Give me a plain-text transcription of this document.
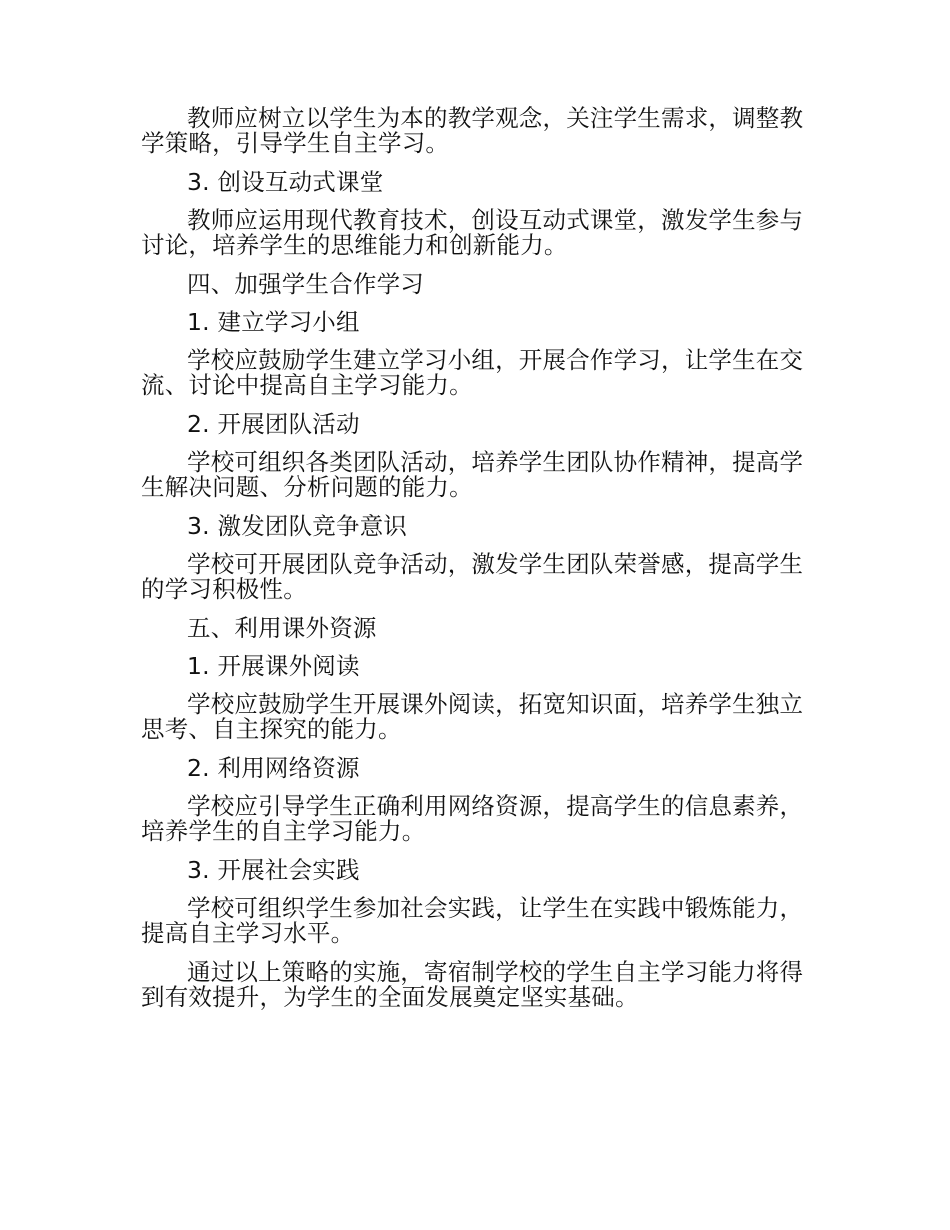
教师应树立以学生为本的教学观念，关注学生需求，调整教学策略，引导学生自主学习。

3. 创设互动式课堂

教师应运用现代教育技术，创设互动式课堂，激发学生参与讨论，培养学生的思维能力和创新能力。

四、加强学生合作学习

1. 建立学习小组

学校应鼓励学生建立学习小组，开展合作学习，让学生在交流、讨论中提高自主学习能力。

2. 开展团队活动

学校可组织各类团队活动，培养学生团队协作精神，提高学生解决问题、分析问题的能力。

3. 激发团队竞争意识

学校可开展团队竞争活动，激发学生团队荣誉感，提高学生的学习积极性。

五、利用课外资源

1. 开展课外阅读

学校应鼓励学生开展课外阅读，拓宽知识面，培养学生独立思考、自主探究的能力。

2. 利用网络资源

学校应引导学生正确利用网络资源，提高学生的信息素养，培养学生的自主学习能力。

3. 开展社会实践

学校可组织学生参加社会实践，让学生在实践中锻炼能力，提高自主学习水平。

通过以上策略的实施，寄宿制学校的学生自主学习能力将得到有效提升，为学生的全面发展奠定坚实基础。
